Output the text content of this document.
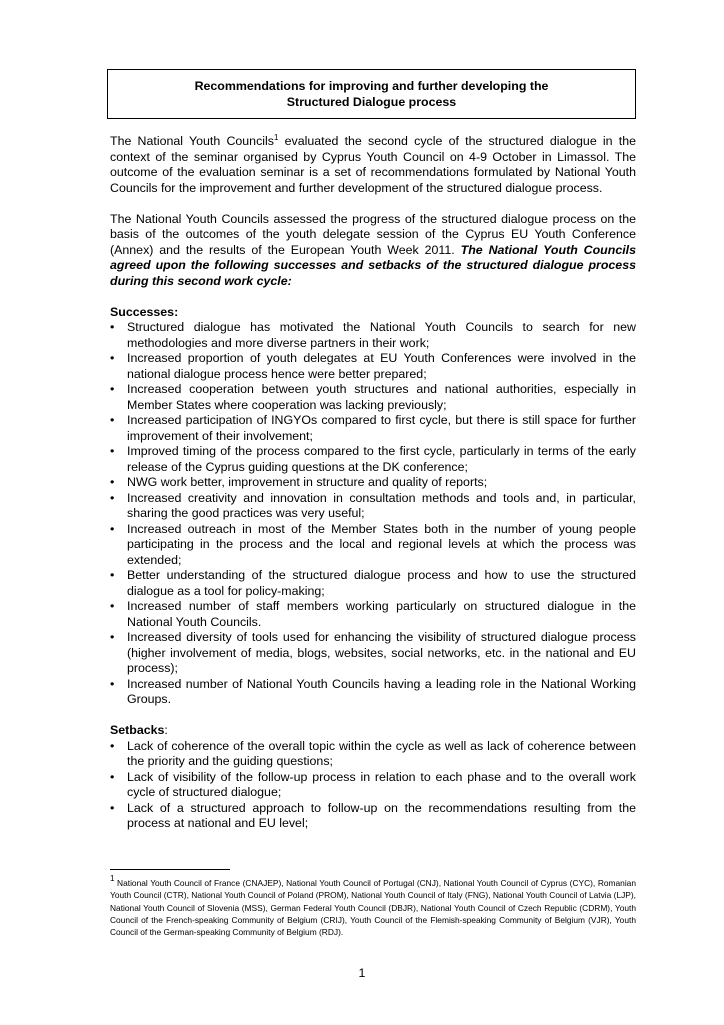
Recommendations for improving and further developing the
Structured Dialogue process

The National Youth Councils$^1$ evaluated the second cycle of the structured dialogue in the context of the seminar organised by Cyprus Youth Council on 4-9 October in Limassol. The outcome of the evaluation seminar is a set of recommendations formulated by National Youth Councils for the improvement and further development of the structured dialogue process.

The National Youth Councils assessed the progress of the structured dialogue process on the basis of the outcomes of the youth delegate session of the Cyprus EU Youth Conference (Annex) and the results of the European Youth Week 2011. The National Youth Councils agreed upon the following successes and setbacks of the structured dialogue process during this second work cycle:

Successes:
• Structured dialogue has motivated the National Youth Councils to search for new methodologies and more diverse partners in their work;
• Increased proportion of youth delegates at EU Youth Conferences were involved in the national dialogue process hence were better prepared;
• Increased cooperation between youth structures and national authorities, especially in Member States where cooperation was lacking previously;
• Increased participation of INGYOs compared to first cycle, but there is still space for further improvement of their involvement;
• Improved timing of the process compared to the first cycle, particularly in terms of the early release of the Cyprus guiding questions at the DK conference;
• NWG work better, improvement in structure and quality of reports;
• Increased creativity and innovation in consultation methods and tools and, in particular, sharing the good practices was very useful;
• Increased outreach in most of the Member States both in the number of young people participating in the process and the local and regional levels at which the process was extended;
• Better understanding of the structured dialogue process and how to use the structured dialogue as a tool for policy-making;
• Increased number of staff members working particularly on structured dialogue in the National Youth Councils.
• Increased diversity of tools used for enhancing the visibility of structured dialogue process (higher involvement of media, blogs, websites, social networks, etc. in the national and EU process);
• Increased number of National Youth Councils having a leading role in the National Working Groups.
Setbacks:
• Lack of coherence of the overall topic within the cycle as well as lack of coherence between the priority and the guiding questions;
• Lack of visibility of the follow-up process in relation to each phase and to the overall work cycle of structured dialogue;
• Lack of a structured approach to follow-up on the recommendations resulting from the process at national and EU level;
$^1$ National Youth Council of France (CNAJEP), National Youth Council of Portugal (CNJ), National Youth Council of Cyprus (CYC), Romanian Youth Council (CTR), National Youth Council of Poland (PROM), National Youth Council of Italy (FNG), National Youth Council of Latvia (LJP), National Youth Council of Slovenia (MSS), German Federal Youth Council (DBJR), National Youth Council of Czech Republic (CDRM), Youth Council of the French-speaking Community of Belgium (CRIJ), Youth Council of the Flemish-speaking Community of Belgium (VJR), Youth Council of the German-speaking Community of Belgium (RDJ).
1
